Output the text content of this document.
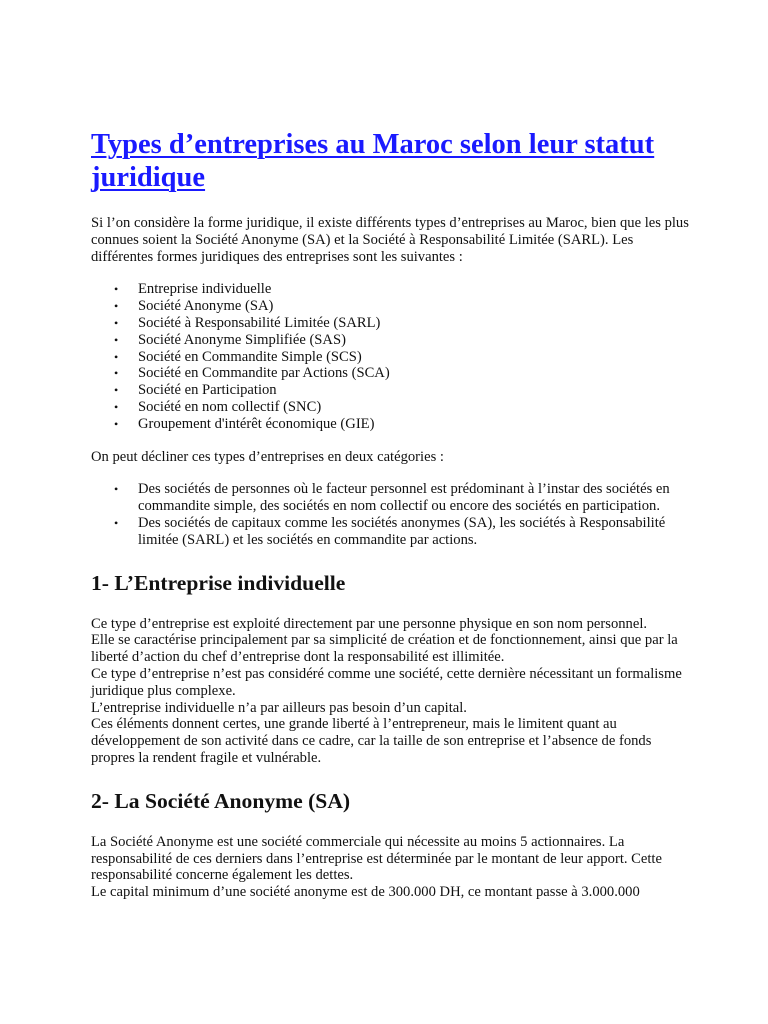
Types d’entreprises au Maroc selon leur statut juridique

Si l’on considère la forme juridique, il existe différents types d’entreprises au Maroc, bien que les plus connues soient la Société Anonyme (SA) et la Société à Responsabilité Limitée (SARL). Les différentes formes juridiques des entreprises sont les suivantes :

• Entreprise individuelle
• Société Anonyme (SA)
• Société à Responsabilité Limitée (SARL)
• Société Anonyme Simplifiée (SAS)
• Société en Commandite Simple (SCS)
• Société en Commandite par Actions (SCA)
• Société en Participation
• Société en nom collectif (SNC)
• Groupement d'intérêt économique (GIE)

On peut décliner ces types d’entreprises en deux catégories :

• Des sociétés de personnes où le facteur personnel est prédominant à l’instar des sociétés en commandite simple, des sociétés en nom collectif ou encore des sociétés en participation.
• Des sociétés de capitaux comme les sociétés anonymes (SA), les sociétés à Responsabilité limitée (SARL) et les sociétés en commandite par actions.
1- L’Entreprise individuelle

Ce type d’entreprise est exploité directement par une personne physique en son nom personnel.

Elle se caractérise principalement par sa simplicité de création et de fonctionnement, ainsi que par la liberté d’action du chef d’entreprise dont la responsabilité est illimitée.

Ce type d’entreprise n’est pas considéré comme une société, cette dernière nécessitant un formalisme juridique plus complexe.

L’entreprise individuelle n’a par ailleurs pas besoin d’un capital.

Ces éléments donnent certes, une grande liberté à l’entrepreneur, mais le limitent quant au développement de son activité dans ce cadre, car la taille de son entreprise et l’absence de fonds propres la rendent fragile et vulnérable.

2- La Société Anonyme (SA)

La Société Anonyme est une société commerciale qui nécessite au moins 5 actionnaires. La responsabilité de ces derniers dans l’entreprise est déterminée par le montant de leur apport. Cette responsabilité concerne également les dettes.

Le capital minimum d’une société anonyme est de 300.000 DH, ce montant passe à 3.000.000
